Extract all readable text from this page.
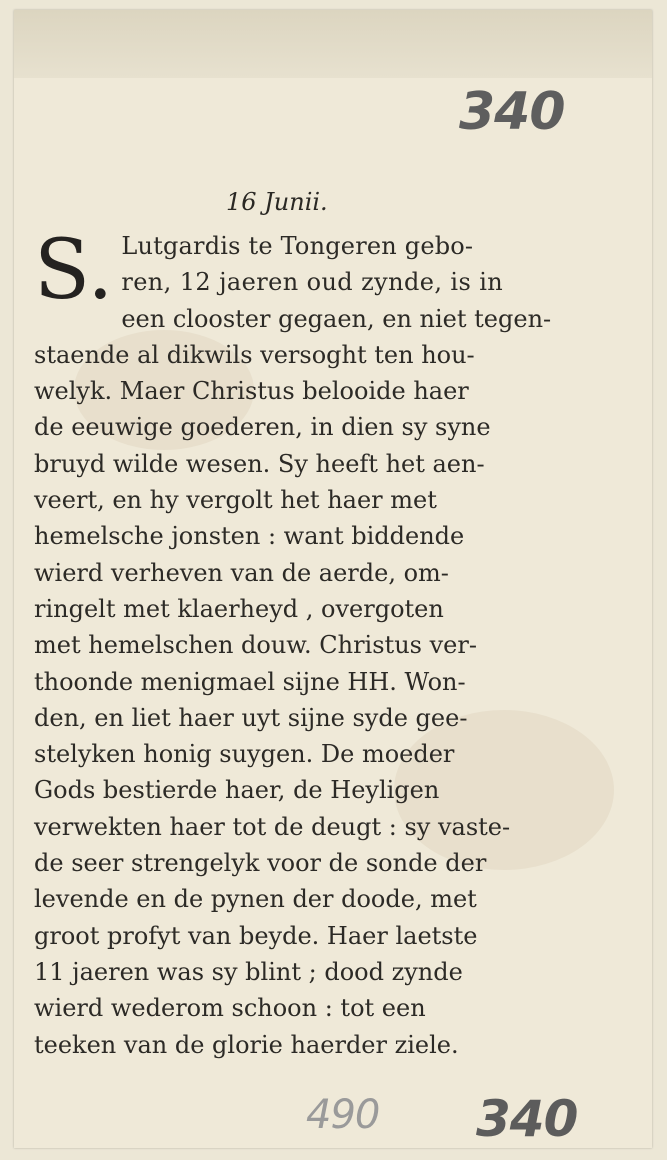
340
16 Junii.
S. Lutgardis te Tongeren gebo-
ren, 12 jaeren oud zynde, is in
een clooster gegaen, en niet tegen-
staende al dikwils versoght ten hou-
welyk. Maer Christus belooide haer
de eeuwige goederen, in dien sy syne
bruyd wilde wesen. Sy heeft het aen-
veert, en hy vergolt het haer met
hemelsche jonsten : want biddende
wierd verheven van de aerde, om-
ringelt met klaerheyd , overgoten
met hemelschen douw. Christus ver-
thoonde menigmael sijne HH. Won-
den, en liet haer uyt sijne syde gee-
stelyken honig suygen. De moeder
Gods bestierde haer, de Heyligen
verwekten haer tot de deugt : sy vaste-
de seer strengelyk voor de sonde der
levende en de pynen der doode, met
groot profyt van beyde. Haer laetste
11 jaeren was sy blint ; dood zynde
wierd wederom schoon : tot een
teeken van de glorie haerder ziele.
490 340
